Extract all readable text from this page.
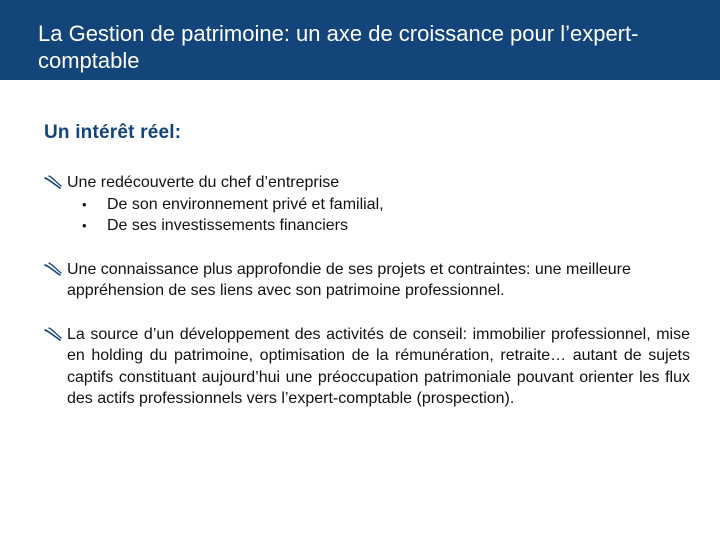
La Gestion de patrimoine: un axe de croissance pour l’expert-comptable
Un intérêt réel:
Une redécouverte du chef d’entreprise
• De son environnement privé et familial,
• De ses investissements financiers
Une connaissance plus approfondie de ses projets et contraintes: une meilleure appréhension de ses liens avec son patrimoine professionnel.
La source d’un développement des activités de conseil: immobilier professionnel, mise en holding du patrimoine, optimisation de la rémunération, retraite… autant de sujets captifs constituant aujourd’hui une préoccupation patrimoniale pouvant orienter les flux des actifs professionnels vers l’expert-comptable (prospection).
